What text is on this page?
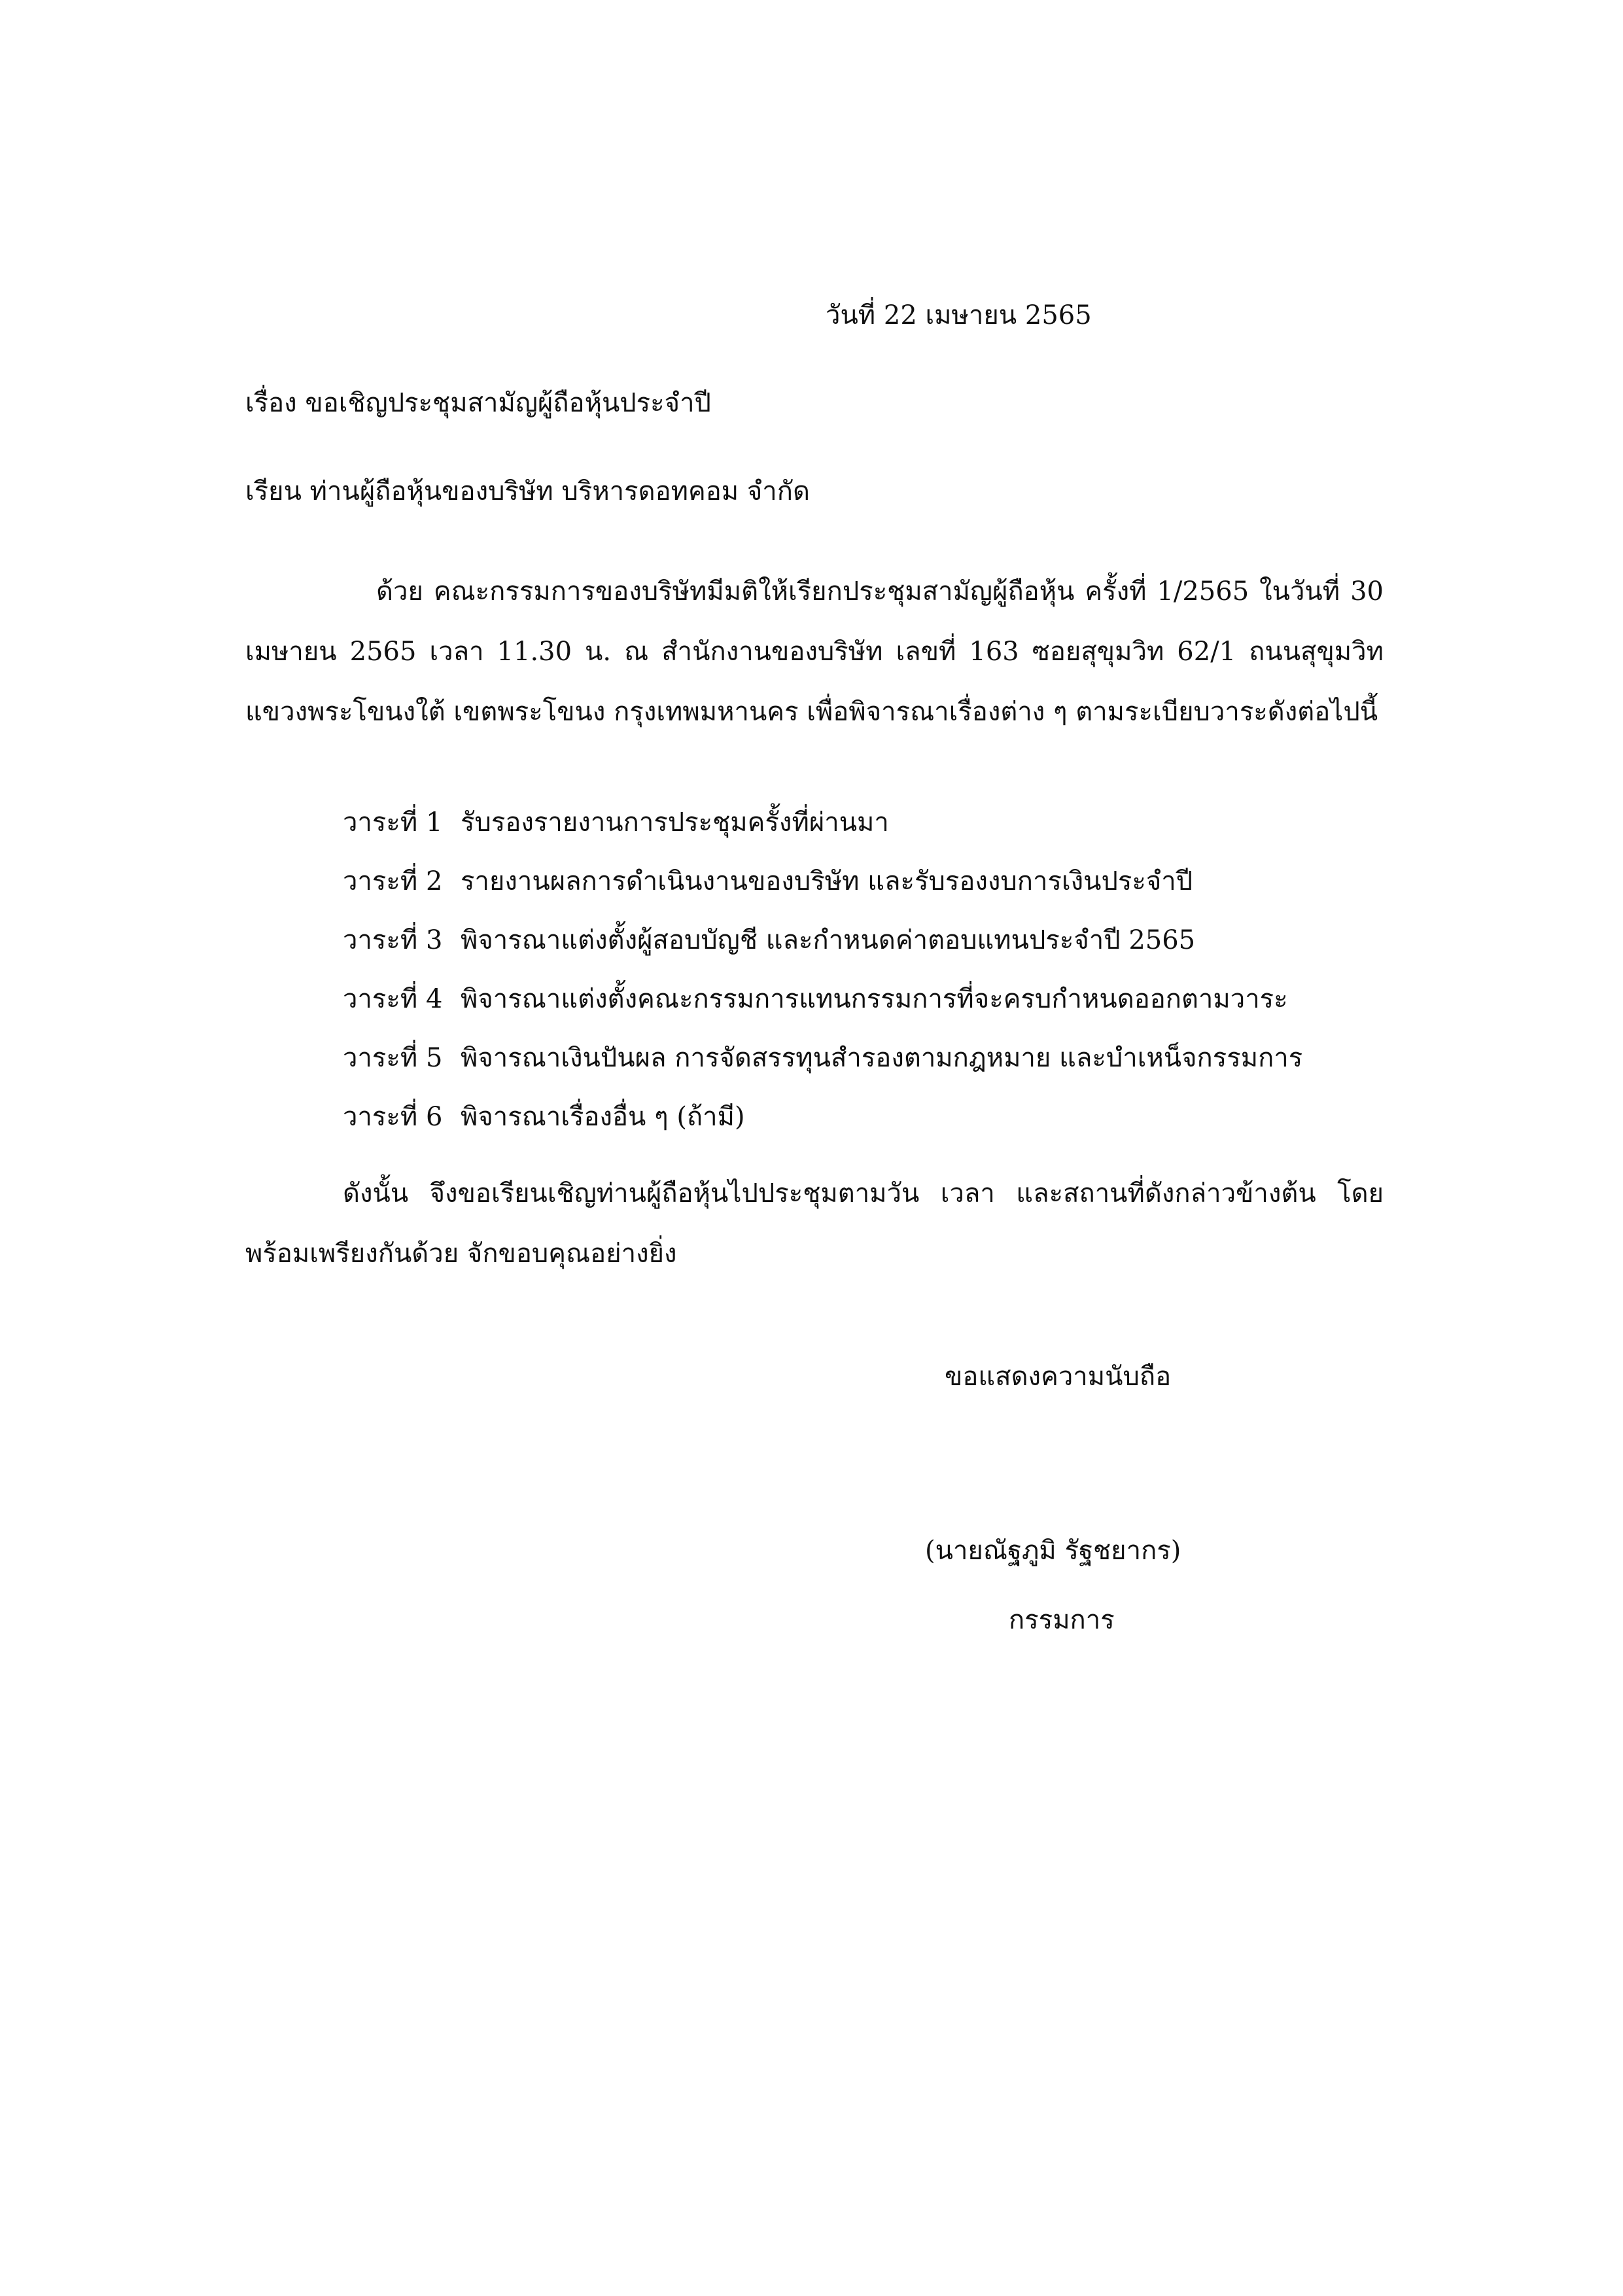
วันที่ 22 เมษายน 2565
เรื่อง ขอเชิญประชุมสามัญผู้ถือหุ้นประจำปี
เรียน ท่านผู้ถือหุ้นของบริษัท บริหารดอทคอม จำกัด
ด้วย คณะกรรมการของบริษัทมีมติให้เรียกประชุมสามัญผู้ถือหุ้น ครั้งที่ 1/2565 ในวันที่ 30 เมษายน 2565 เวลา 11.30 น. ณ สำนักงานของบริษัท เลขที่ 163 ซอยสุขุมวิท 62/1 ถนนสุขุมวิท แขวงพระโขนงใต้ เขตพระโขนง กรุงเทพมหานคร เพื่อพิจารณาเรื่องต่าง ๆ ตามระเบียบวาระดังต่อไปนี้
วาระที่ 1 รับรองรายงานการประชุมครั้งที่ผ่านมา
วาระที่ 2 รายงานผลการดำเนินงานของบริษัท และรับรองงบการเงินประจำปี
วาระที่ 3 พิจารณาแต่งตั้งผู้สอบบัญชี และกำหนดค่าตอบแทนประจำปี 2565
วาระที่ 4 พิจารณาแต่งตั้งคณะกรรมการแทนกรรมการที่จะครบกำหนดออกตามวาระ
วาระที่ 5 พิจารณาเงินปันผล การจัดสรรทุนสำรองตามกฎหมาย และบำเหน็จกรรมการ
วาระที่ 6 พิจารณาเรื่องอื่น ๆ (ถ้ามี)
ดังนั้น จึงขอเรียนเชิญท่านผู้ถือหุ้นไปประชุมตามวัน เวลา และสถานที่ดังกล่าวข้างต้น โดยพร้อมเพรียงกันด้วย จักขอบคุณอย่างยิ่ง
ขอแสดงความนับถือ
(นายณัฐภูมิ รัฐชยากร)
กรรมการ
